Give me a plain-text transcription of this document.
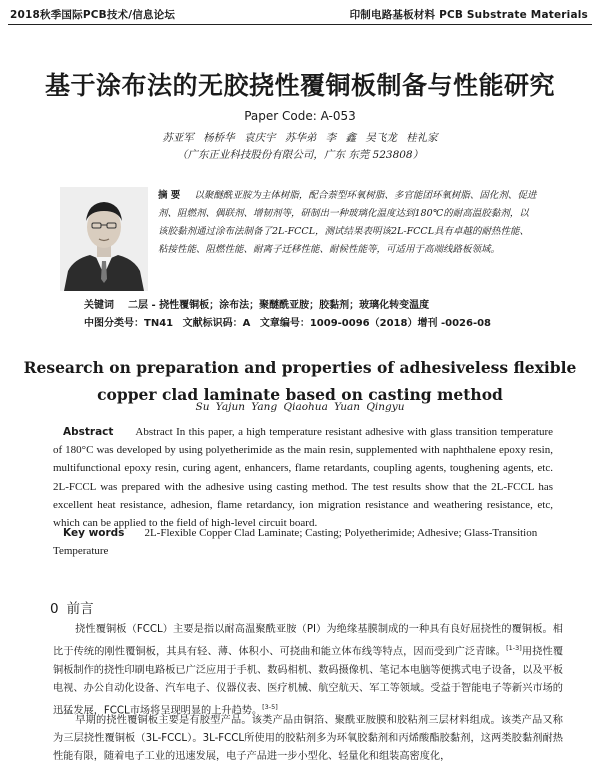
2018秋季国际PCB技术/信息论坛	印制电路基板材料 PCB Substrate Materials
基于涂布法的无胶挠性覆铜板制备与性能研究
Paper Code: A-053
苏亚军 杨桥华 袁庆宇 苏华弟 李 鑫 吴飞龙 桂礼家
（广东正业科技股份有限公司，广东 东莞 523808）
摘 要 以聚醚酰亚胺为主体树脂，配合萘型环氧树脂、多官能团环氧树脂、固化剂、促进剂、阻燃剂、偶联剂、增韧剂等，研制出一种玻璃化温度达到180℃的耐高温胶黏剂，以该胶黏剂通过涂布法制备了2L-FCCL，测试结果表明该2L-FCCL具有卓越的耐热性能、粘接性能、阻燃性能、耐离子迁移性能、耐候性能等，可适用于高端线路板领域。
关键词 二层 - 挠性覆铜板；涂布法；聚醚酰亚胺；胶黏剂；玻璃化转变温度
中图分类号：TN41 文献标识码：A 文章编号：1009-0096（2018）增刊 -0026-08
Research on preparation and properties of adhesiveless flexible
copper clad laminate based on casting method
Su Yajun Yang Qiaohua Yuan Qingyu
Abstract Abstract In this paper, a high temperature resistant adhesive with glass transition temperature of 180°C was developed by using polyetherimide as the main resin, supplemented with naphthalene epoxy resin, multifunctional epoxy resin, curing agent, enhancers, flame retardants, coupling agents, toughening agents, etc. 2L-FCCL was prepared with the adhesive using casting method. The test results show that the 2L-FCCL has excellent heat resistance, adhesion, flame retardancy, ion migration resistance and weathering resistance, etc, which can be applied to the field of high-level circuit board.
Key words 2L-Flexible Copper Clad Laminate; Casting; Polyetherimide; Adhesive; Glass-Transition Temperature
0 前言
挠性覆铜板（FCCL）主要是指以耐高温聚酰亚胺（PI）为绝缘基膜制成的一种具有良好屈挠性的覆铜板。相比于传统的刚性覆铜板，其具有轻、薄、体积小、可挠曲和能立体布线等特点，因而受到广泛青睐。[1-3]用挠性覆铜板制作的挠性印刷电路板已广泛应用于手机、数码相机、数码摄像机、笔记本电脑等便携式电子设备，以及平板电视、办公自动化设备、汽车电子、仪器仪表、医疗机械、航空航天、军工等领域。受益于智能电子等新兴市场的迅猛发展，FCCL市场将呈现明显的上升趋势。[3-5]
早期的挠性覆铜板主要是有胶型产品。该类产品由铜箔、聚酰亚胺膜和胶粘剂三层材料组成。该类产品又称为三层挠性覆铜板（3L-FCCL）。3L-FCCL所使用的胶粘剂多为环氧胶黏剂和丙烯酸酯胶黏剂，这两类胶黏剂耐热性能有限，随着电子工业的迅速发展，电子产品进一步小型化、轻量化和组装高密度化，
